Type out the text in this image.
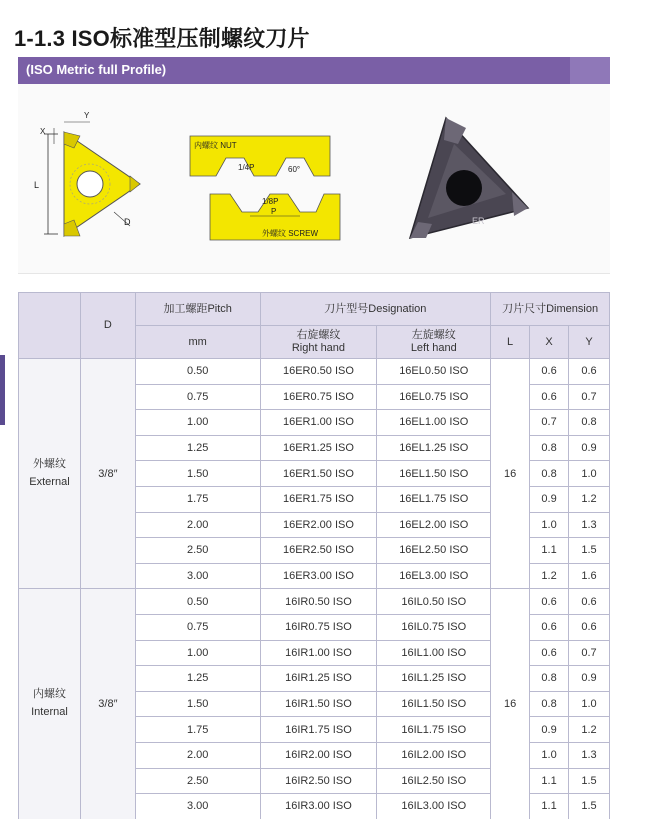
1-1.3 ISO标准型压制螺纹刀片
(ISO Metric full Profile)
L
X
Y
D
内螺纹 NUT
1/4P	60°
1/8P
P
外螺纹 SCREW
ER
	D	加工螺距Pitch	刀片型号Designation		刀片尺寸Dimension		
		mm	右旋螺纹
Right hand	左旋螺纹
Left hand	L	X	Y

外螺纹
External	3/8″	0.50	16ER0.50 ISO	16EL0.50 ISO	16	0.6	0.6
		0.75	16ER0.75 ISO	16EL0.75 ISO		0.6	0.7
		1.00	16ER1.00 ISO	16EL1.00 ISO		0.7	0.8
		1.25	16ER1.25 ISO	16EL1.25 ISO		0.8	0.9
		1.50	16ER1.50 ISO	16EL1.50 ISO		0.8	1.0
		1.75	16ER1.75 ISO	16EL1.75 ISO		0.9	1.2
		2.00	16ER2.00 ISO	16EL2.00 ISO		1.0	1.3
		2.50	16ER2.50 ISO	16EL2.50 ISO		1.1	1.5
		3.00	16ER3.00 ISO	16EL3.00 ISO		1.2	1.6

内螺纹
Internal	3/8″	0.50	16IR0.50 ISO	16IL0.50 ISO	16	0.6	0.6
		0.75	16IR0.75 ISO	16IL0.75 ISO		0.6	0.6
		1.00	16IR1.00 ISO	16IL1.00 ISO		0.6	0.7
		1.25	16IR1.25 ISO	16IL1.25 ISO		0.8	0.9
		1.50	16IR1.50 ISO	16IL1.50 ISO		0.8	1.0
		1.75	16IR1.75 ISO	16IL1.75 ISO		0.9	1.2
		2.00	16IR2.00 ISO	16IL2.00 ISO		1.0	1.3
		2.50	16IR2.50 ISO	16IL2.50 ISO		1.1	1.5
		3.00	16IR3.00 ISO	16IL3.00 ISO		1.1	1.5
